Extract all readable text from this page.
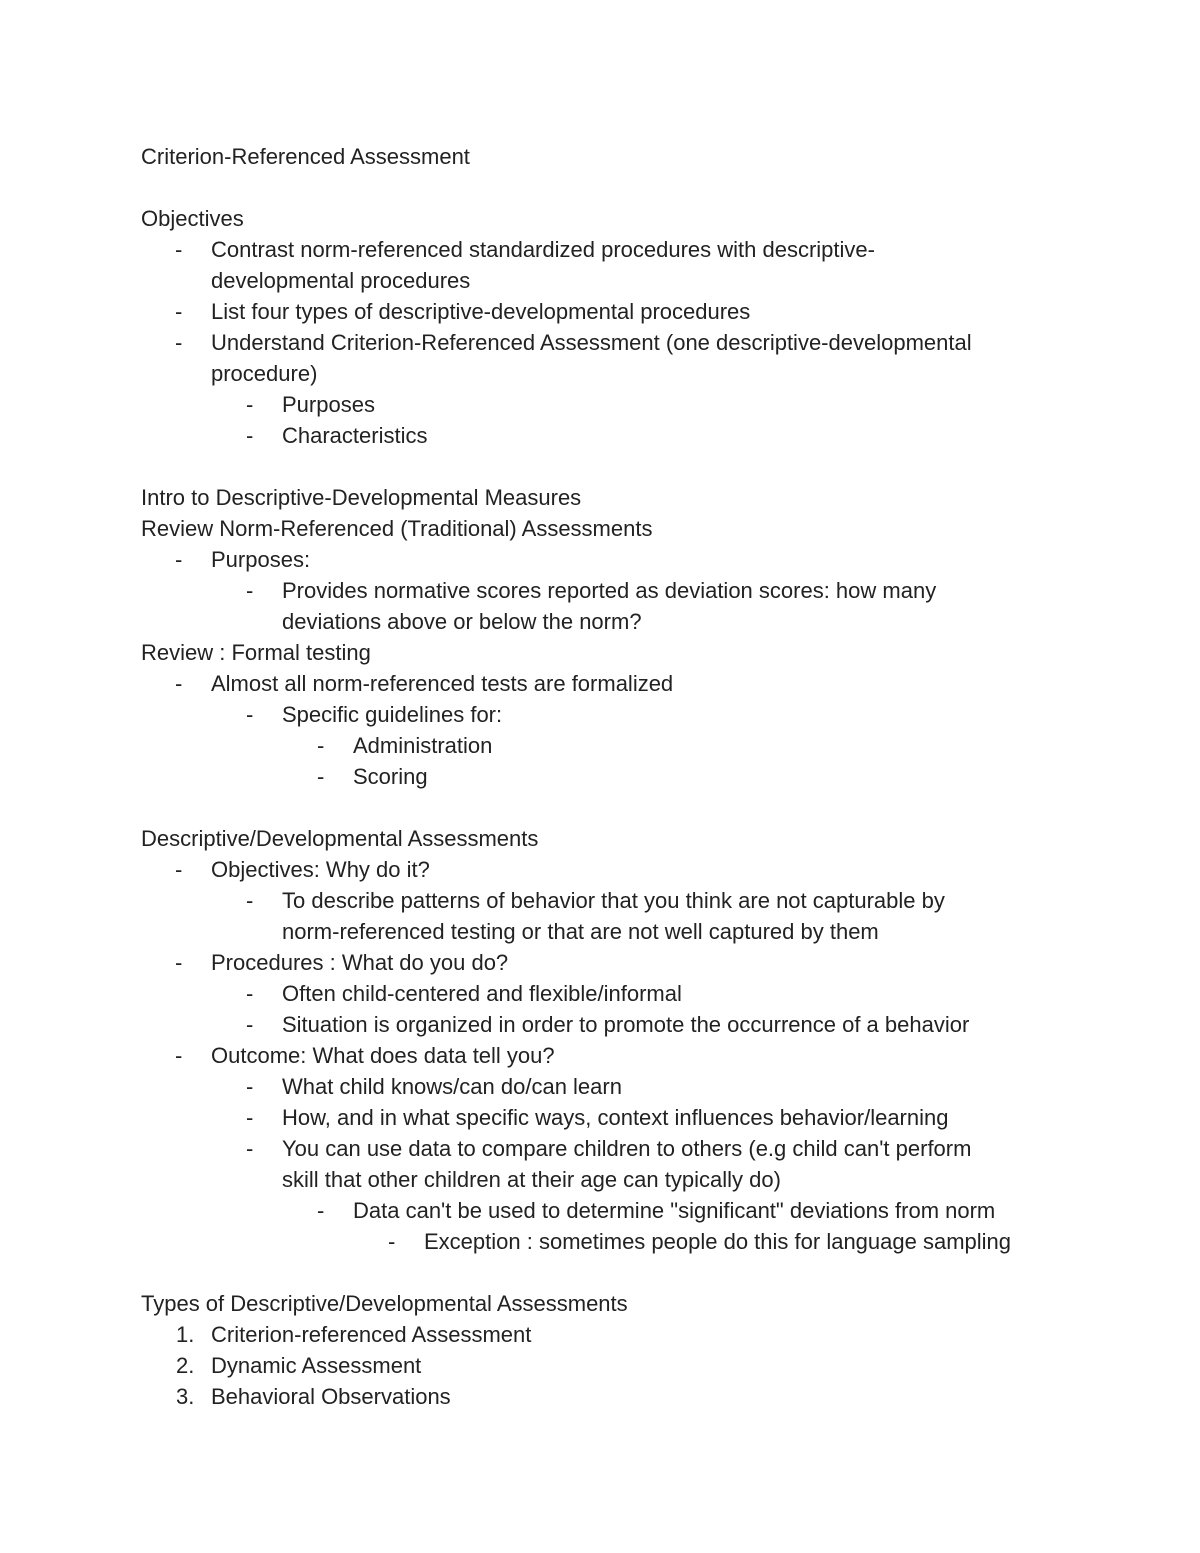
Criterion-Referenced Assessment
Objectives
- Contrast norm-referenced standardized procedures with descriptive-
developmental procedures
- List four types of descriptive-developmental procedures
- Understand Criterion-Referenced Assessment (one descriptive-developmental
procedure)
- Purposes
- Characteristics
Intro to Descriptive-Developmental Measures
Review Norm-Referenced (Traditional) Assessments
- Purposes:
- Provides normative scores reported as deviation scores: how many
deviations above or below the norm?
Review : Formal testing
- Almost all norm-referenced tests are formalized
- Specific guidelines for:
- Administration
- Scoring
Descriptive/Developmental Assessments
- Objectives: Why do it?
- To describe patterns of behavior that you think are not capturable by
norm-referenced testing or that are not well captured by them
- Procedures : What do you do?
- Often child-centered and flexible/informal
- Situation is organized in order to promote the occurrence of a behavior
- Outcome: What does data tell you?
- What child knows/can do/can learn
- How, and in what specific ways, context influences behavior/learning
- You can use data to compare children to others (e.g child can't perform
skill that other children at their age can typically do)
- Data can't be used to determine "significant" deviations from norm
- Exception : sometimes people do this for language sampling
Types of Descriptive/Developmental Assessments
1. Criterion-referenced Assessment
2. Dynamic Assessment
3. Behavioral Observations
